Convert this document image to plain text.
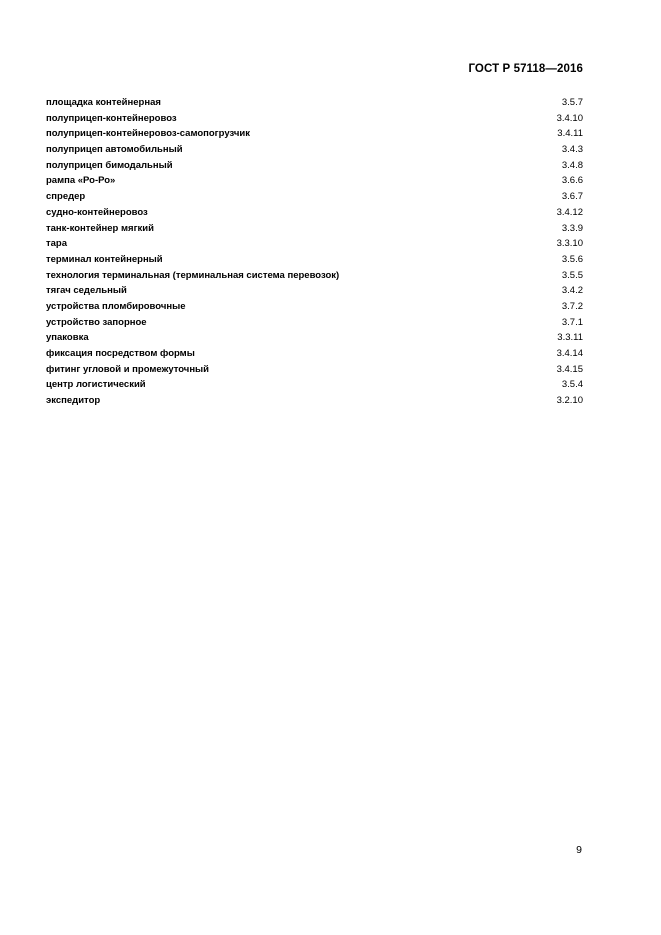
ГОСТ Р 57118—2016
площадка контейнерная	3.5.7
полуприцеп-контейнеровоз	3.4.10
полуприцеп-контейнеровоз-самопогрузчик	3.4.11
полуприцеп автомобильный	3.4.3
полуприцеп бимодальный	3.4.8
рампа «Ро-Ро»	3.6.6
спредер	3.6.7
судно-контейнеровоз	3.4.12
танк-контейнер мягкий	3.3.9
тара	3.3.10
терминал контейнерный	3.5.6
технология терминальная (терминальная система перевозок)	3.5.5
тягач седельный	3.4.2
устройства пломбировочные	3.7.2
устройство запорное	3.7.1
упаковка	3.3.11
фиксация посредством формы	3.4.14
фитинг угловой и промежуточный	3.4.15
центр логистический	3.5.4
экспедитор	3.2.10
9
